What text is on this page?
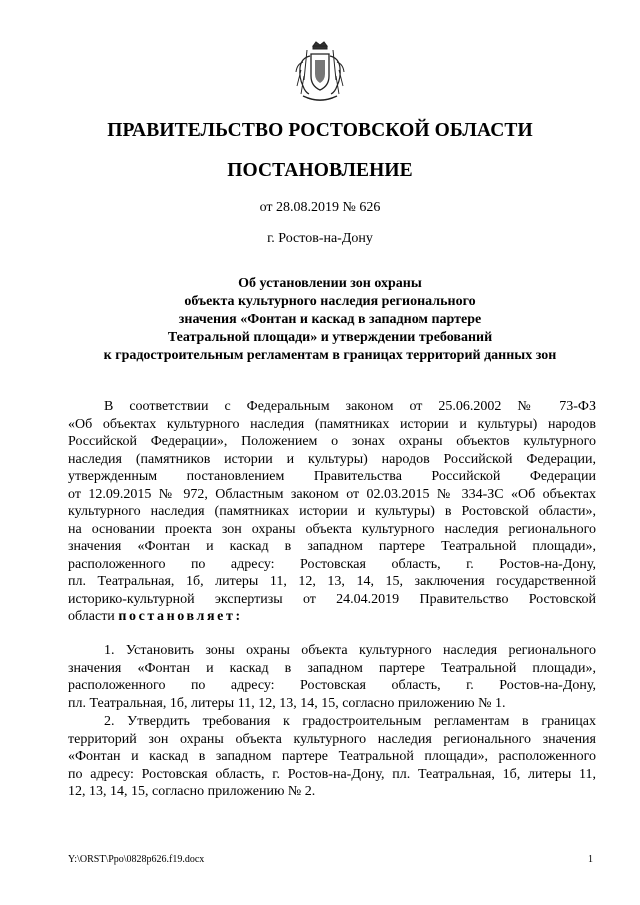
ПРАВИТЕЛЬСТВО РОСТОВСКОЙ ОБЛАСТИ
ПОСТАНОВЛЕНИЕ
от 28.08.2019 № 626
г. Ростов-на-Дону
Об установлении зон охраны
объекта культурного наследия регионального
значения «Фонтан и каскад в западном партере
Театральной площади» и утверждении требований
к градостроительным регламентам в границах территорий данных зон
В соответствии с Федеральным законом от 25.06.2002 № 73-ФЗ
«Об объектах культурного наследия (памятниках истории и культуры) народов
Российской Федерации», Положением о зонах охраны объектов культурного
наследия (памятников истории и культуры) народов Российской Федерации,
утвержденным постановлением Правительства Российской Федерации
от 12.09.2015 № 972, Областным законом от 02.03.2015 № 334-ЗС «Об объектах
культурного наследия (памятниках истории и культуры) в Ростовской области»,
на основании проекта зон охраны объекта культурного наследия регионального
значения «Фонтан и каскад в западном партере Театральной площади»,
расположенного по адресу: Ростовская область, г. Ростов-на-Дону,
пл. Театральная, 1б, литеры 11, 12, 13, 14, 15, заключения государственной
историко-культурной экспертизы от 24.04.2019 Правительство Ростовской
области постановляет:
1. Установить зоны охраны объекта культурного наследия регионального
значения «Фонтан и каскад в западном партере Театральной площади»,
расположенного по адресу: Ростовская область, г. Ростов-на-Дону,
пл. Театральная, 1б, литеры 11, 12, 13, 14, 15, согласно приложению № 1.
2. Утвердить требования к градостроительным регламентам в границах
территорий зон охраны объекта культурного наследия регионального значения
«Фонтан и каскад в западном партере Театральной площади», расположенного
по адресу: Ростовская область, г. Ростов-на-Дону, пл. Театральная, 1б, литеры 11,
12, 13, 14, 15, согласно приложению № 2.
Y:\ORST\Ppo\0828p626.f19.docx	1
